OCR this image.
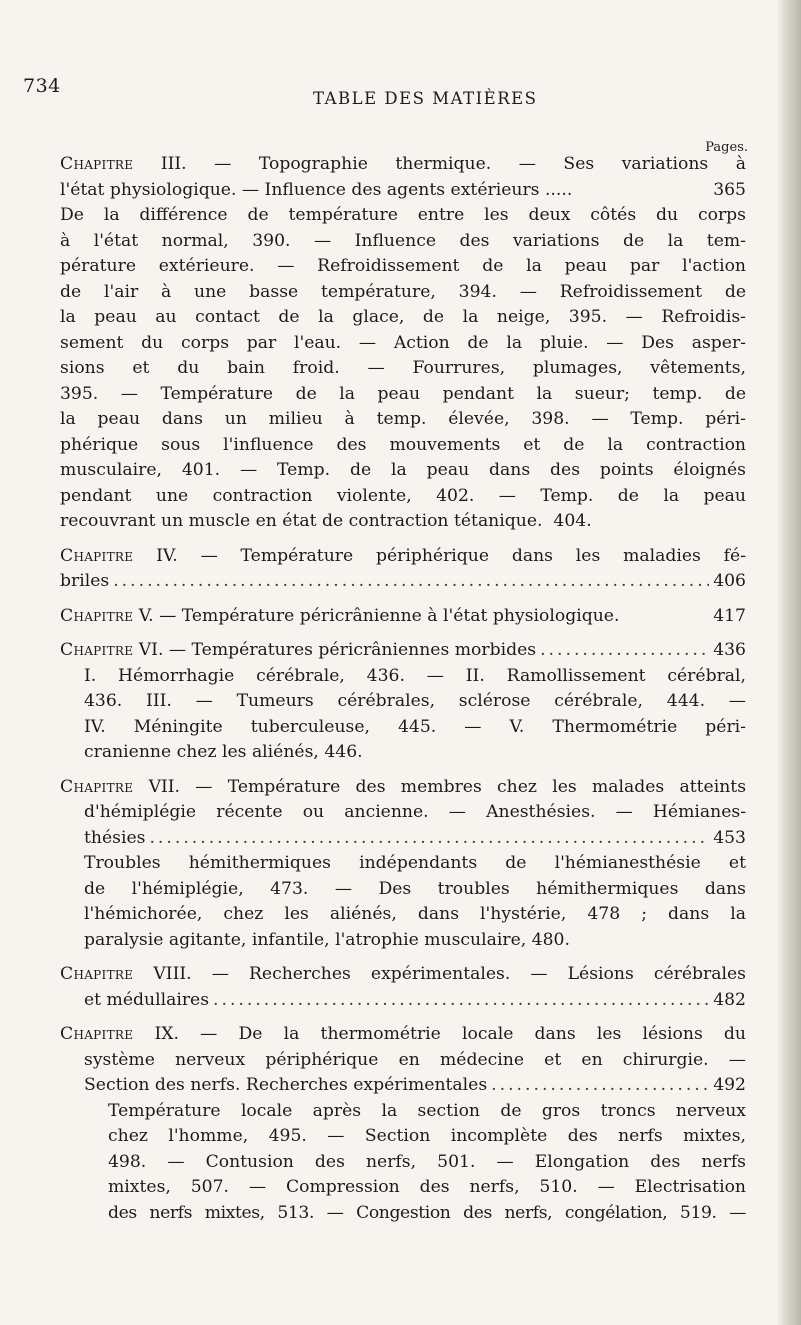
734
TABLE DES MATIÈRES
Pages.
Chapitre III. — Topographie thermique. — Ses variations à
l'état physiologique. — Influence des agents extérieurs .....	365
De la différence de température entre les deux côtés du corps
à l'état normal, 390. — Influence des variations de la tem-
pérature extérieure. — Refroidissement de la peau par l'action
de l'air à une basse température, 394. — Refroidissement de
la peau au contact de la glace, de la neige, 395. — Refroidis-
sement du corps par l'eau. — Action de la pluie. — Des asper-
sions et du bain froid. — Fourrures, plumages, vêtements,
395. — Température de la peau pendant la sueur; temp. de
la peau dans un milieu à temp. élevée, 398. — Temp. péri-
phérique sous l'influence des mouvements et de la contraction
musculaire, 401. — Temp. de la peau dans des points éloignés
pendant une contraction violente, 402. — Temp. de la peau
recouvrant un muscle en état de contraction tétanique.  404.
Chapitre IV. — Température périphérique dans les maladies fé-
briles .....	406
Chapitre V. — Température péricrânienne à l'état physiologique.	417
Chapitre VI. — Températures péricrâniennes morbides .....	436
I. Hémorrhagie cérébrale, 436. — II. Ramollissement cérébral,
436. III. — Tumeurs cérébrales, sclérose cérébrale, 444. —
IV. Méningite tuberculeuse, 445. — V. Thermométrie péri-
cranienne chez les aliénés, 446.
Chapitre VII. — Température des membres chez les malades atteints
d'hémiplégie récente ou ancienne. — Anesthésies. — Hémianes-
thésies .....	453
Troubles hémithermiques indépendants de l'hémianesthésie et
de l'hémiplégie, 473. — Des troubles hémithermiques dans
l'hémichorée, chez les aliénés, dans l'hystérie, 478 ; dans la
paralysie agitante, infantile, l'atrophie musculaire, 480.
Chapitre VIII. — Recherches expérimentales. — Lésions cérébrales
et médullaires .....	482
Chapitre IX. — De la thermométrie locale dans les lésions du
système nerveux périphérique en médecine et en chirurgie. —
Section des nerfs. Recherches expérimentales .....	492
Température locale après la section de gros troncs nerveux
chez l'homme, 495. — Section incomplète des nerfs mixtes,
498. — Contusion des nerfs, 501. — Elongation des nerfs
mixtes, 507. — Compression des nerfs, 510. — Electrisation
des nerfs mixtes, 513. — Congestion des nerfs, congélation, 519. —
